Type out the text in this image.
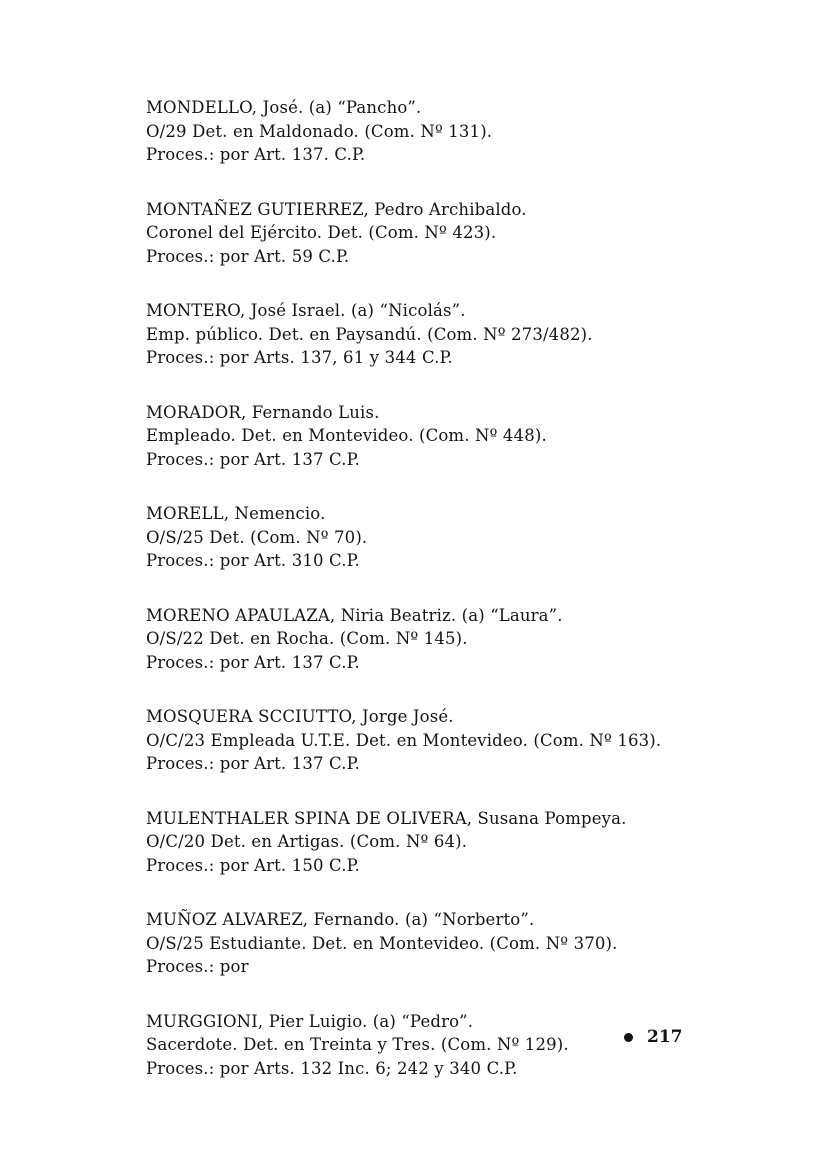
MONDELLO, José. (a) “Pancho”.
O/29 Det. en Maldonado. (Com. Nº 131).
Proces.: por Art. 137. C.P.
MONTAÑEZ GUTIERREZ, Pedro Archibaldo.
Coronel del Ejército. Det. (Com. Nº 423).
Proces.: por Art. 59 C.P.
MONTERO, José Israel. (a) “Nicolás”.
Emp. público. Det. en Paysandú. (Com. Nº 273/482).
Proces.: por Arts. 137, 61 y 344 C.P.
MORADOR, Fernando Luis.
Empleado. Det. en Montevideo. (Com. Nº 448).
Proces.: por Art. 137 C.P.
MORELL, Nemencio.
O/S/25 Det. (Com. Nº 70).
Proces.: por Art. 310 C.P.
MORENO APAULAZA, Niria Beatriz. (a) “Laura”.
O/S/22 Det. en Rocha. (Com. Nº 145).
Proces.: por Art. 137 C.P.
MOSQUERA SCCIUTTO, Jorge José.
O/C/23 Empleada U.T.E. Det. en Montevideo. (Com. Nº 163).
Proces.: por Art. 137 C.P.
MULENTHALER SPINA DE OLIVERA, Susana Pompeya.
O/C/20 Det. en Artigas. (Com. Nº 64).
Proces.: por Art. 150 C.P.
MUÑOZ ALVAREZ, Fernando. (a) “Norberto”.
O/S/25 Estudiante. Det. en Montevideo. (Com. Nº 370).
Proces.: por
MURGGIONI, Pier Luigio. (a) “Pedro”.
Sacerdote. Det. en Treinta y Tres. (Com. Nº 129).
Proces.: por Arts. 132 Inc. 6; 242 y 340 C.P.
217
